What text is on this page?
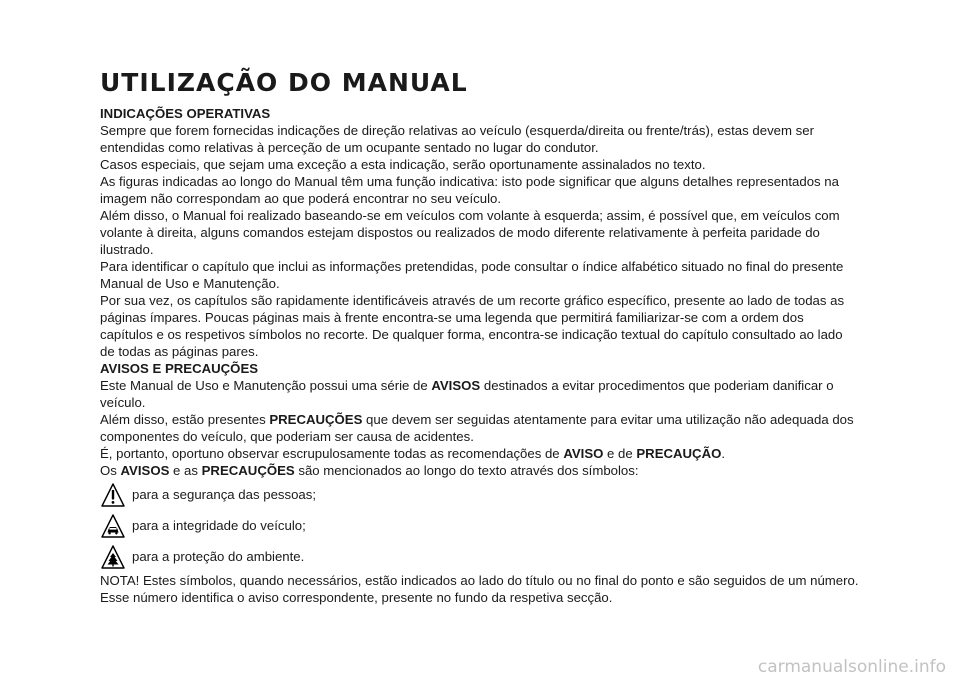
UTILIZAÇÃO DO MANUAL
INDICAÇÕES OPERATIVAS

Sempre que forem fornecidas indicações de direção relativas ao veículo (esquerda/direita ou frente/trás), estas devem ser entendidas como relativas à perceção de um ocupante sentado no lugar do condutor.

Casos especiais, que sejam uma exceção a esta indicação, serão oportunamente assinalados no texto.

As figuras indicadas ao longo do Manual têm uma função indicativa: isto pode significar que alguns detalhes representados na imagem não correspondam ao que poderá encontrar no seu veículo.

Além disso, o Manual foi realizado baseando-se em veículos com volante à esquerda; assim, é possível que, em veículos com volante à direita, alguns comandos estejam dispostos ou realizados de modo diferente relativamente à perfeita paridade do ilustrado.

Para identificar o capítulo que inclui as informações pretendidas, pode consultar o índice alfabético situado no final do presente Manual de Uso e Manutenção.

Por sua vez, os capítulos são rapidamente identificáveis através de um recorte gráfico específico, presente ao lado de todas as páginas ímpares. Poucas páginas mais à frente encontra-se uma legenda que permitirá familiarizar-se com a ordem dos capítulos e os respetivos símbolos no recorte. De qualquer forma, encontra-se indicação textual do capítulo consultado ao lado de todas as páginas pares.

AVISOS E PRECAUÇÕES

Este Manual de Uso e Manutenção possui uma série de AVISOS destinados a evitar procedimentos que poderiam danificar o veículo.

Além disso, estão presentes PRECAUÇÕES que devem ser seguidas atentamente para evitar uma utilização não adequada dos componentes do veículo, que poderiam ser causa de acidentes.

É, portanto, oportuno observar escrupulosamente todas as recomendações de AVISO e de PRECAUÇÃO.

Os AVISOS e as PRECAUÇÕES são mencionados ao longo do texto através dos símbolos:

para a segurança das pessoas;
para a integridade do veículo;
para a proteção do ambiente.

NOTA! Estes símbolos, quando necessários, estão indicados ao lado do título ou no final do ponto e são seguidos de um número. Esse número identifica o aviso correspondente, presente no fundo da respetiva secção.

carmanualsonline.info
